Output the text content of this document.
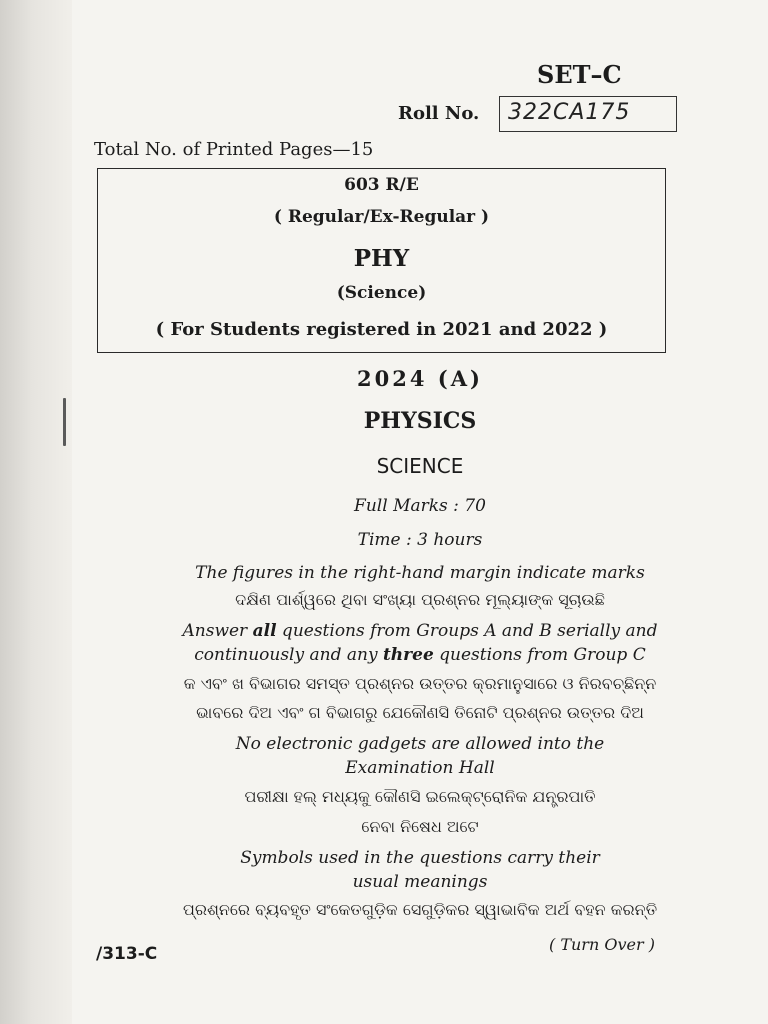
SET–C
Roll No. 322CA175
Total No. of Printed Pages—15
603 R/E
( Regular/Ex-Regular )
PHY
(Science)
( For Students registered in 2021 and 2022 )
2024 (A)
PHYSICS
SCIENCE
Full Marks : 70
Time : 3 hours
The figures in the right-hand margin indicate marks
ଦକ୍ଷିଣ ପାର୍ଶ୍ୱରେ ଥିବା ସଂଖ୍ୟା ପ୍ରଶ୍ନର ମୂଲ୍ୟାଙ୍କ ସୂଚାଉଛି
Answer all questions from Groups A and B serially and
continuously and any three questions from Group C
କ ଏବଂ ଖ ବିଭାଗର ସମସ୍ତ ପ୍ରଶ୍ନର ଉତ୍ତର କ୍ରମାନୁସାରେ ଓ ନିରବଚ୍ଛିନ୍ନ
ଭାବରେ ଦିଅ ଏବଂ ଗ ବିଭାଗରୁ ଯେକୌଣସି ତିନୋଟି ପ୍ରଶ୍ନର ଉତ୍ତର ଦିଅ
No electronic gadgets are allowed into the
Examination Hall
ପରୀକ୍ଷା ହଲ୍ ମଧ୍ୟକୁ କୌଣସି ଇଲେକ୍‌ଟ୍ରୋନିକ ଯନ୍ତ୍ରପାତି
ନେବା ନିଷେଧ ଅଟେ
Symbols used in the questions carry their
usual meanings
ପ୍ରଶ୍ନରେ ବ୍ୟବହୃତ ସଂକେତଗୁଡ଼ିକ ସେଗୁଡ଼ିକର ସ୍ୱାଭାବିକ ଅର୍ଥ ବହନ କରନ୍ତି
( Turn Over )
/313-C
